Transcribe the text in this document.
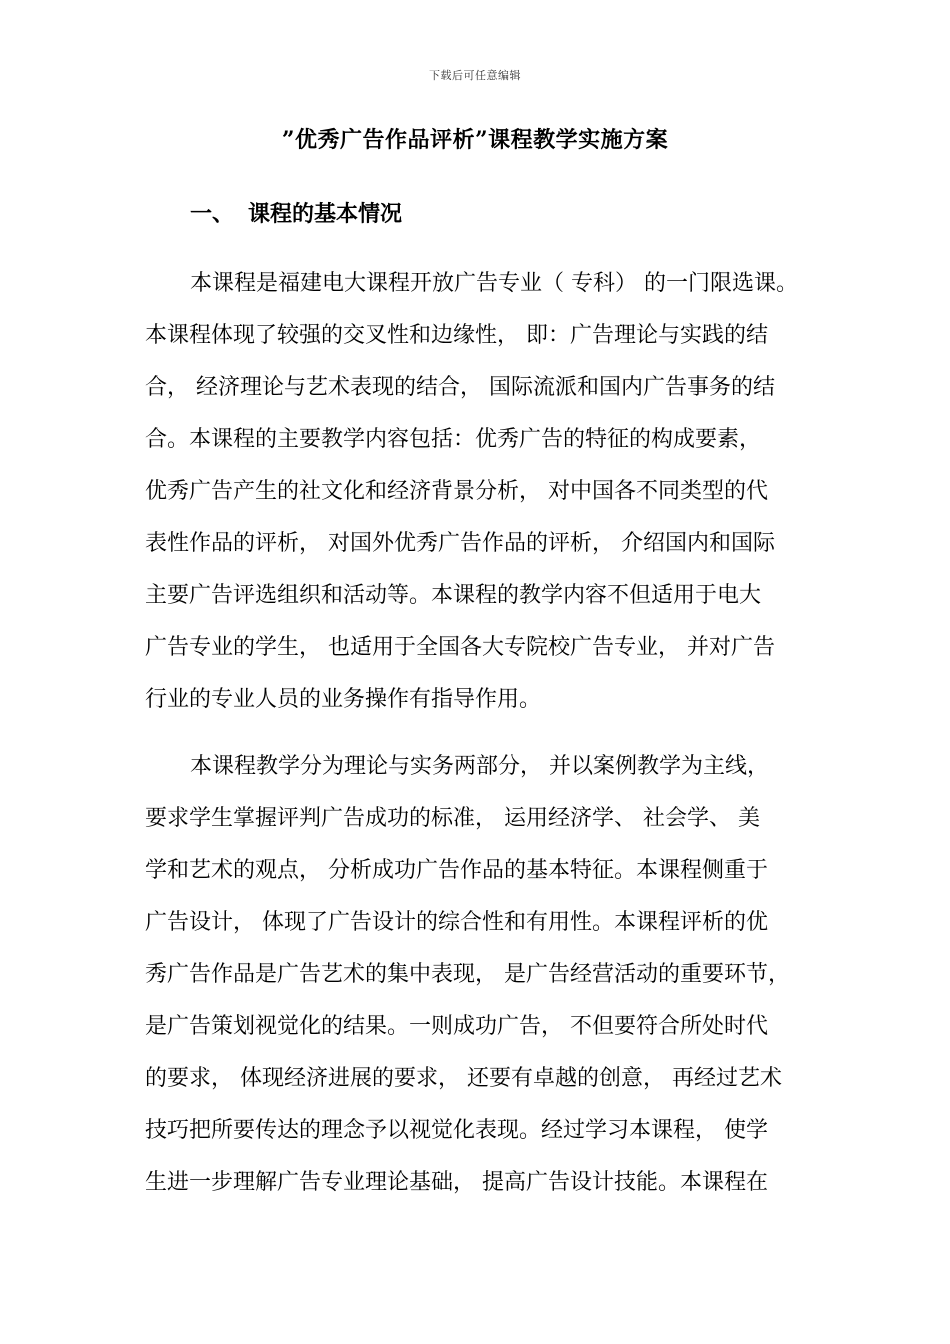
下载后可任意编辑
”优秀广告作品评析”课程教学实施方案
一、 课程的基本情况
本课程是福建电大课程开放广告专业（ 专科） 的一门限选课。
本课程体现了较强的交叉性和边缘性， 即：广告理论与实践的结
合， 经济理论与艺术表现的结合， 国际流派和国内广告事务的结
合。本课程的主要教学内容包括：优秀广告的特征的构成要素，
优秀广告产生的社文化和经济背景分析， 对中国各不同类型的代
表性作品的评析， 对国外优秀广告作品的评析， 介绍国内和国际
主要广告评选组织和活动等。本课程的教学内容不但适用于电大
广告专业的学生， 也适用于全国各大专院校广告专业， 并对广告
行业的专业人员的业务操作有指导作用。
本课程教学分为理论与实务两部分， 并以案例教学为主线，
要求学生掌握评判广告成功的标准， 运用经济学、 社会学、 美
学和艺术的观点， 分析成功广告作品的基本特征。本课程侧重于
广告设计， 体现了广告设计的综合性和有用性。本课程评析的优
秀广告作品是广告艺术的集中表现， 是广告经营活动的重要环节，
是广告策划视觉化的结果。一则成功广告， 不但要符合所处时代
的要求， 体现经济进展的要求， 还要有卓越的创意， 再经过艺术
技巧把所要传达的理念予以视觉化表现。经过学习本课程， 使学
生进一步理解广告专业理论基础， 提高广告设计技能。本课程在
